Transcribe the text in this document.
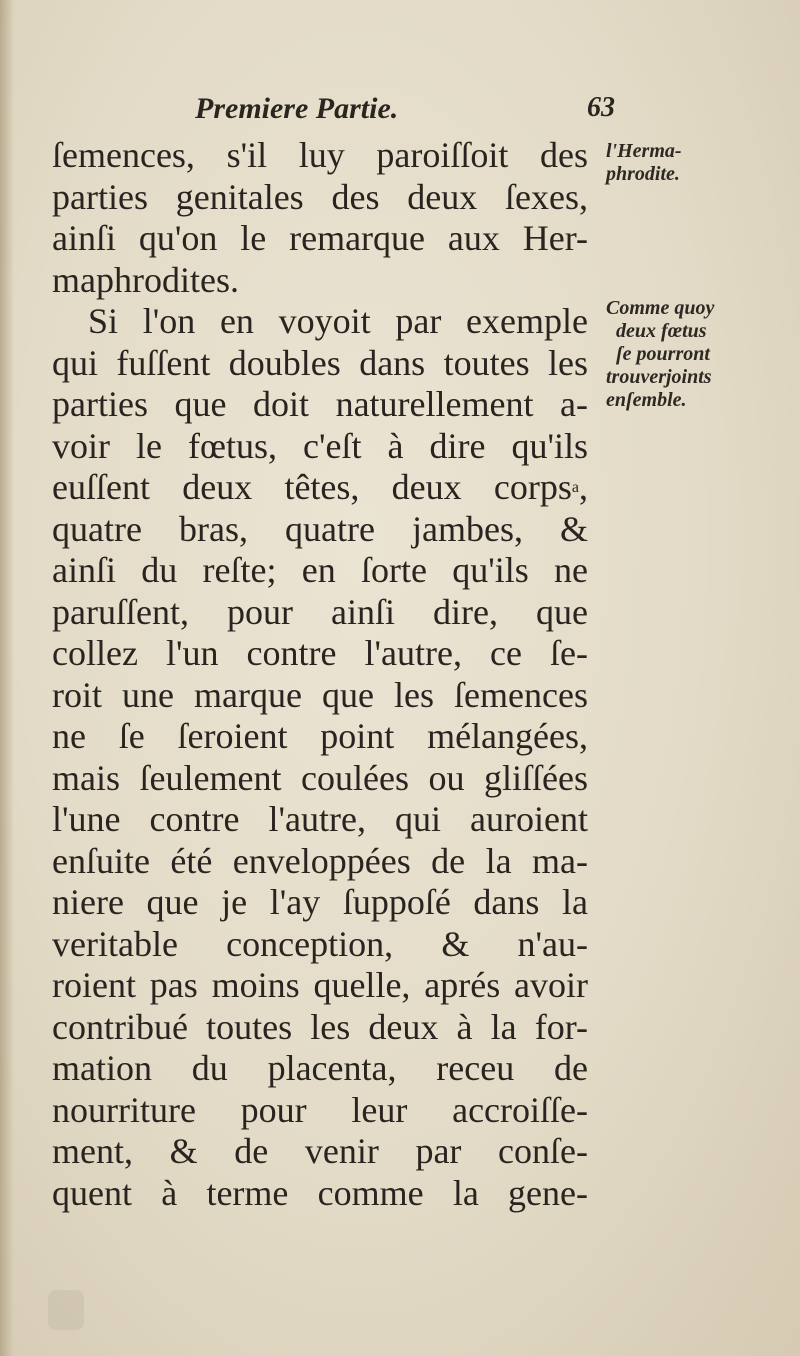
Premiere Partie.	63
ſemences, s'il luy paroiſſoit des
parties genitales des deux ſexes,
ainſi qu'on le remarque aux Her-
maphrodites.
Si l'on en voyoit par exemple
qui fuſſent doubles dans toutes les
parties que doit naturellement a-
voir le fœtus, c'eſt à dire qu'ils
euſſent deux têtes, deux corps$^a$,
quatre bras, quatre jambes, &
ainſi du reſte; en ſorte qu'ils ne
paruſſent, pour ainſi dire, que
collez l'un contre l'autre, ce ſe-
roit une marque que les ſemences
ne ſe ſeroient point mélangées,
mais ſeulement coulées ou gliſſées
l'une contre l'autre, qui auroient
enſuite été enveloppées de la ma-
niere que je l'ay ſuppoſé dans la
veritable conception, & n'au-
roient pas moins quelle, aprés avoir
contribué toutes les deux à la for-
mation du placenta, receu de
nourriture pour leur accroiſſe-
ment, & de venir par conſe-
quent à terme comme la gene-
l'Herma-
phrodite.
Comme quoy
deux fœtus
ſe pourront
trouverjoints
enſemble.
